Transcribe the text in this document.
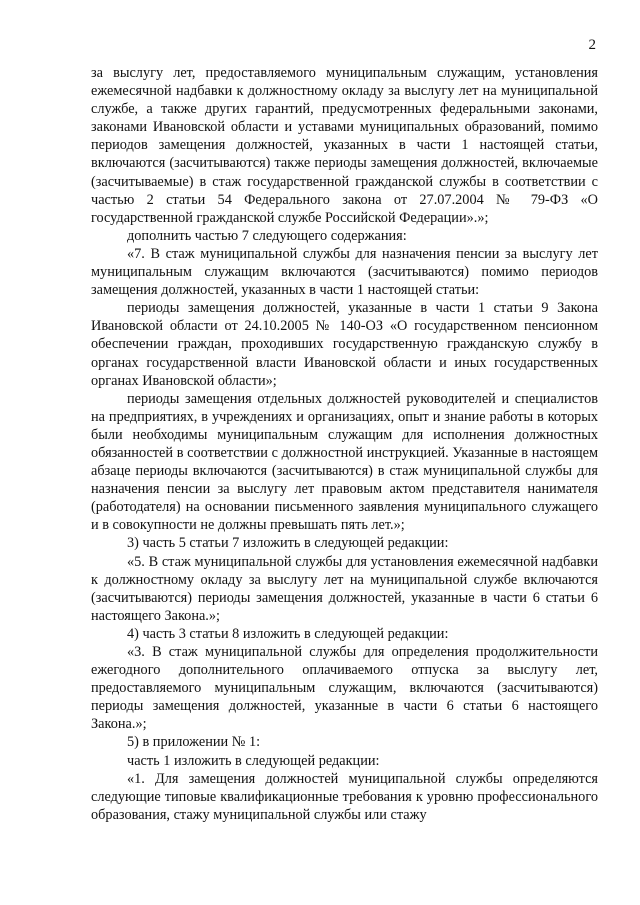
2

за выслугу лет, предоставляемого муниципальным служащим, установления ежемесячной надбавки к должностному окладу за выслугу лет на муниципальной службе, а также других гарантий, предусмотренных федеральными законами, законами Ивановской области и уставами муниципальных образований, помимо периодов замещения должностей, указанных в части 1 настоящей статьи, включаются (засчитываются) также периоды замещения должностей, включаемые (засчитываемые) в стаж государственной гражданской службы в соответствии с частью 2 статьи 54 Федерального закона от 27.07.2004 № 79-ФЗ «О государственной гражданской службе Российской Федерации».»;

дополнить частью 7 следующего содержания:

«7. В стаж муниципальной службы для назначения пенсии за выслугу лет муниципальным служащим включаются (засчитываются) помимо периодов замещения должностей, указанных в части 1 настоящей статьи:

периоды замещения должностей, указанные в части 1 статьи 9 Закона Ивановской области от 24.10.2005 № 140-ОЗ «О государственном пенсионном обеспечении граждан, проходивших государственную гражданскую службу в органах государственной власти Ивановской области и иных государственных органах Ивановской области»;

периоды замещения отдельных должностей руководителей и специалистов на предприятиях, в учреждениях и организациях, опыт и знание работы в которых были необходимы муниципальным служащим для исполнения должностных обязанностей в соответствии с должностной инструкцией. Указанные в настоящем абзаце периоды включаются (засчитываются) в стаж муниципальной службы для назначения пенсии за выслугу лет правовым актом представителя нанимателя (работодателя) на основании письменного заявления муниципального служащего и в совокупности не должны превышать пять лет.»;

3) часть 5 статьи 7 изложить в следующей редакции:

«5. В стаж муниципальной службы для установления ежемесячной надбавки к должностному окладу за выслугу лет на муниципальной службе включаются (засчитываются) периоды замещения должностей, указанные в части 6 статьи 6 настоящего Закона.»;

4) часть 3 статьи 8 изложить в следующей редакции:

«3. В стаж муниципальной службы для определения продолжительности ежегодного дополнительного оплачиваемого отпуска за выслугу лет, предоставляемого муниципальным служащим, включаются (засчитываются) периоды замещения должностей, указанные в части 6 статьи 6 настоящего Закона.»;

5) в приложении № 1:

часть 1 изложить в следующей редакции:

«1. Для замещения должностей муниципальной службы определяются следующие типовые квалификационные требования к уровню профессионального образования, стажу муниципальной службы или стажу
